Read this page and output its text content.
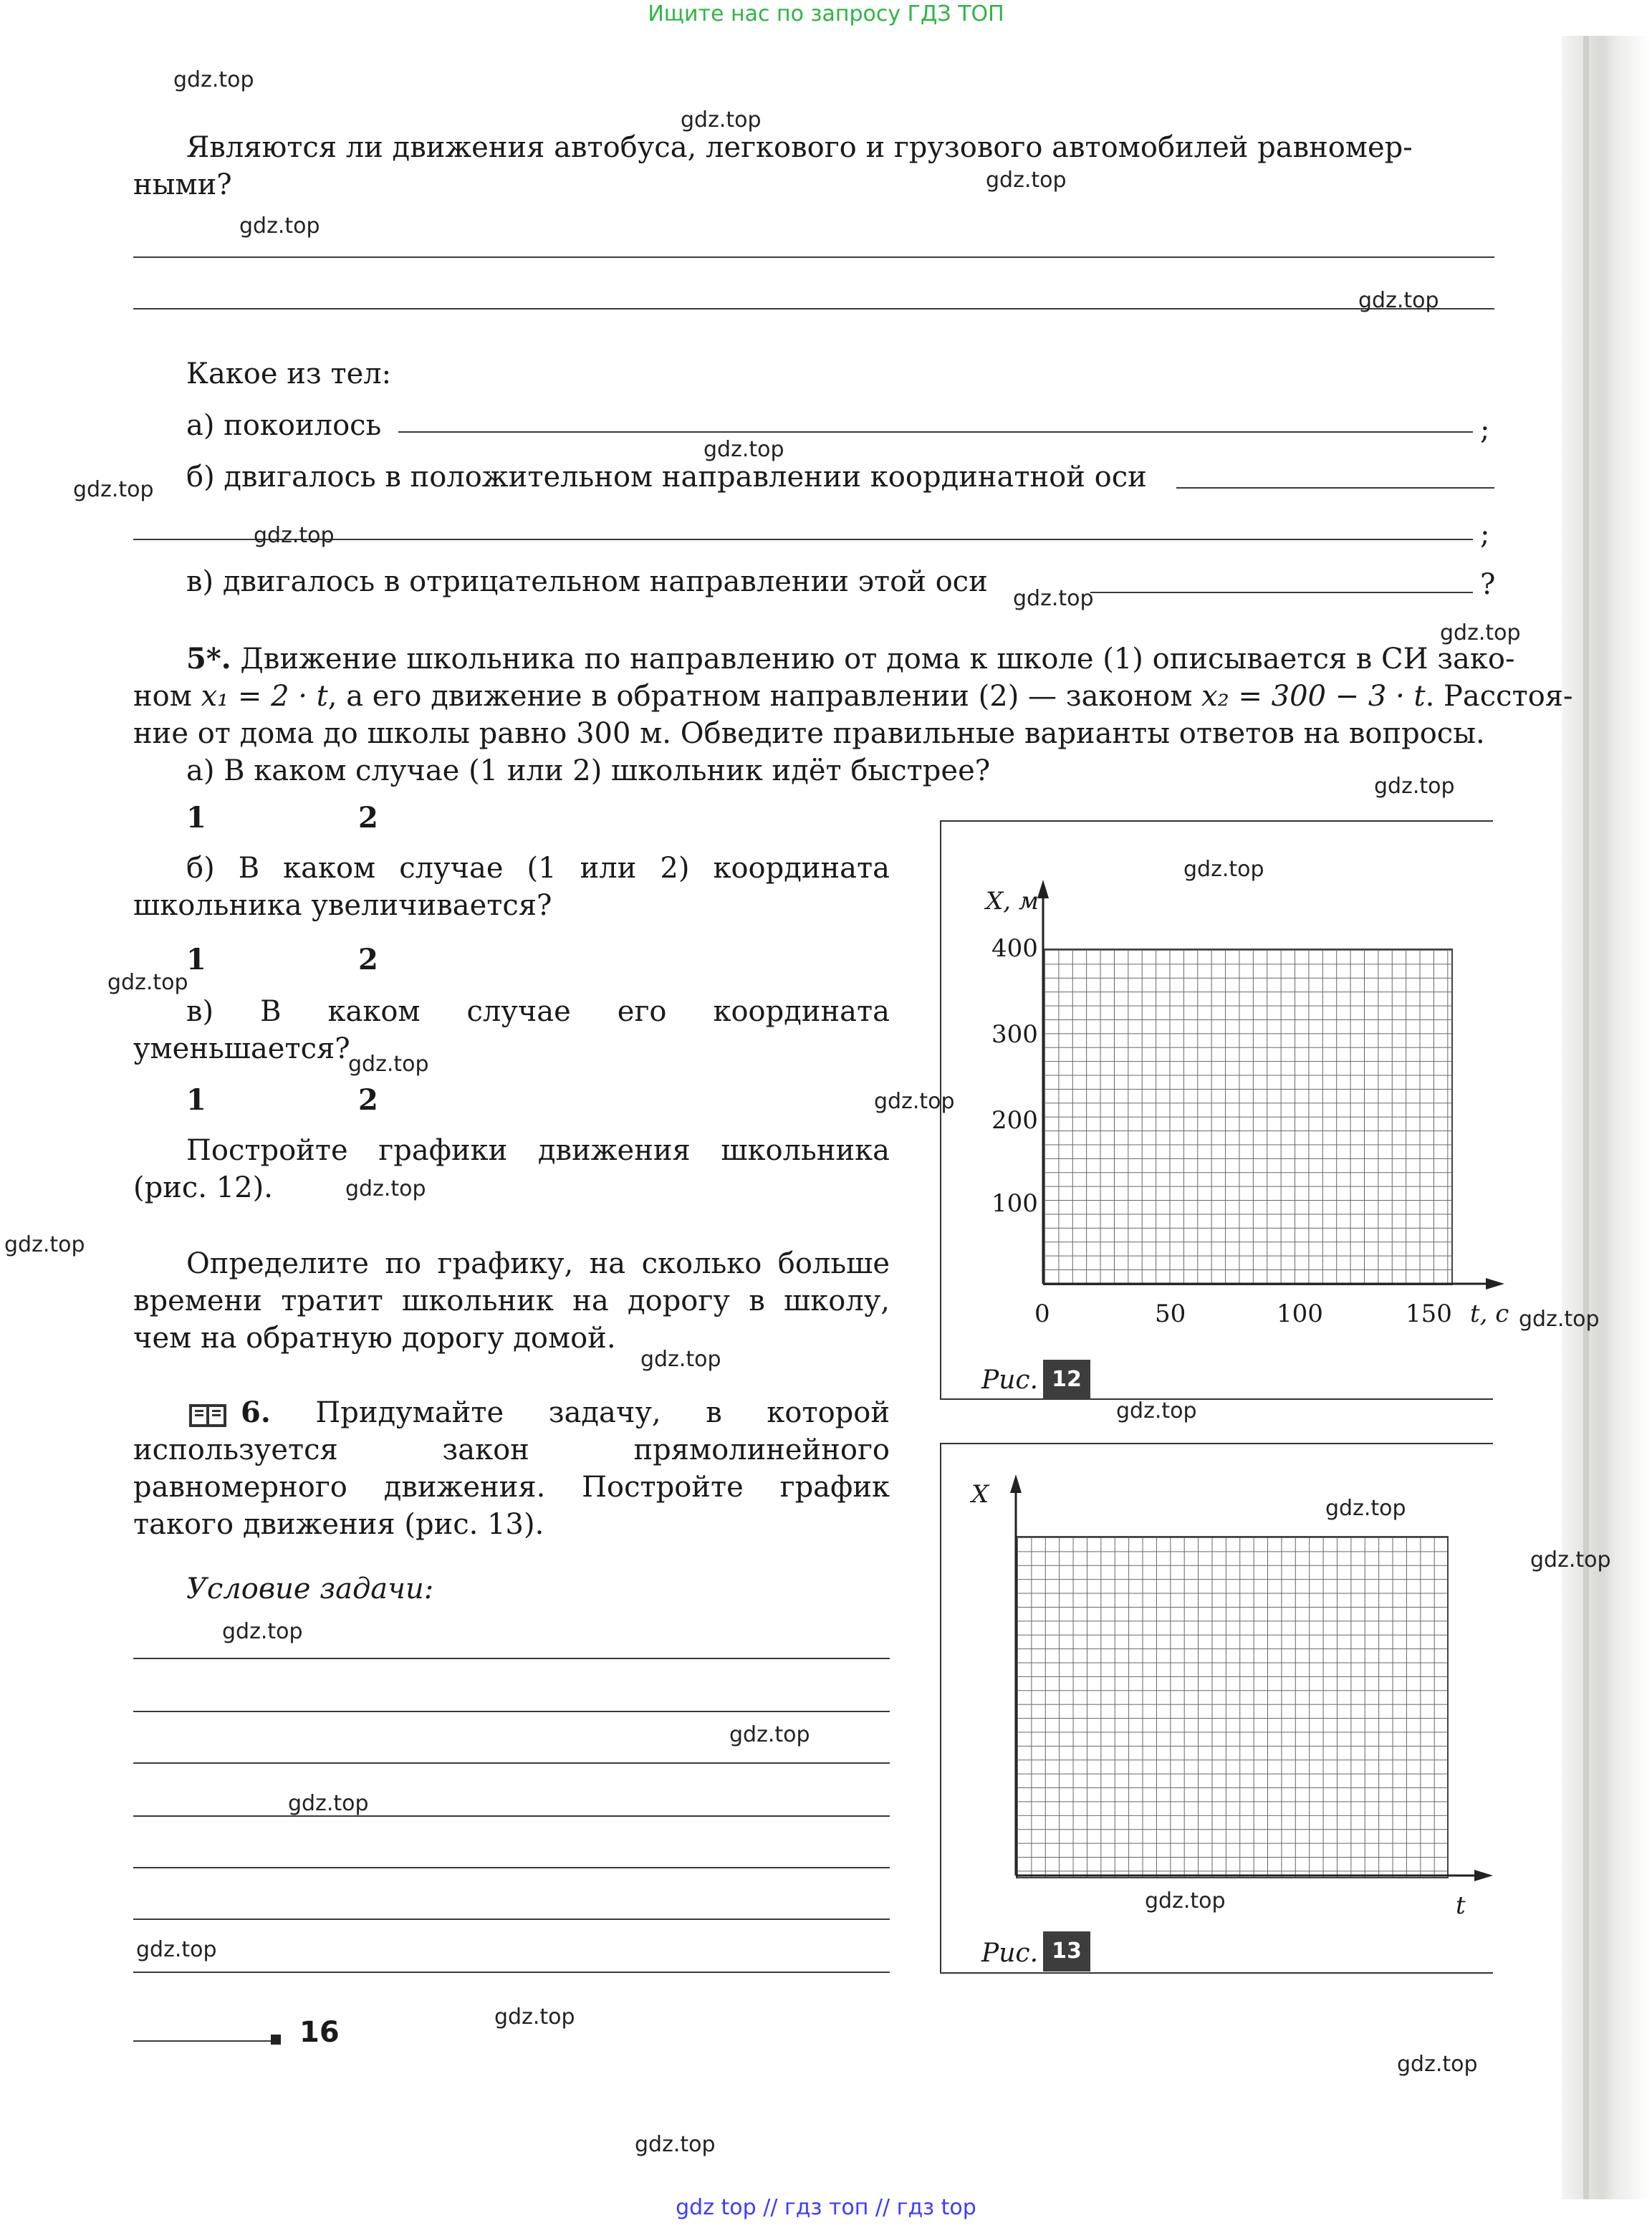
Ищите нас по запросу ГДЗ ТОП
Являются ли движения автобуса, легкового и грузового автомобилей равномер-
ными?
Какое из тел:
а) покоилось	;
б) двигалось в положительном направлении координатной оси
;
в) двигалось в отрицательном направлении этой оси	?
5*. Движение школьника по направлению от дома к школе (1) описывается в СИ зако-
ном x₁ = 2 · t, а его движение в обратном направлении (2) — законом x₂ = 300 − 3 · t. Расстоя-
ние от дома до школы равно 300 м. Обведите правильные варианты ответов на вопросы.
а) В каком случае (1 или 2) школьник идёт быстрее?
1	2
б) В каком случае (1 или 2) координата школьника увеличивается?
1	2
в) В каком случае его координата уменьшается?
1	2
Постройте графики движения школьника (рис. 12).
Определите по графику, на сколько больше времени тратит школьник на дорогу в школу, чем на обратную дорогу домой.
X, м
400
300
200
100
0	50	100	150 t, с
Рис. 12
6. Придумайте задачу, в которой используется закон прямолинейного равномерного движения. Постройте график такого движения (рис. 13).
Условие задачи:
X
t
Рис. 13
16
gdz.top
gdz.top
gdz.top
gdz.top
gdz.top
gdz.top
gdz.top
gdz.top
gdz.top
gdz.top
gdz.top
gdz.top
gdz.top
gdz.top
gdz.top
gdz.top
gdz.top
gdz.top
gdz.top
gdz.top
gdz.top
gdz.top
gdz.top
gdz.top
gdz.top
gdz.top
gdz.top
gdz.top
gdz.top
gdz.top
gdz top // гдз топ // гдз top
